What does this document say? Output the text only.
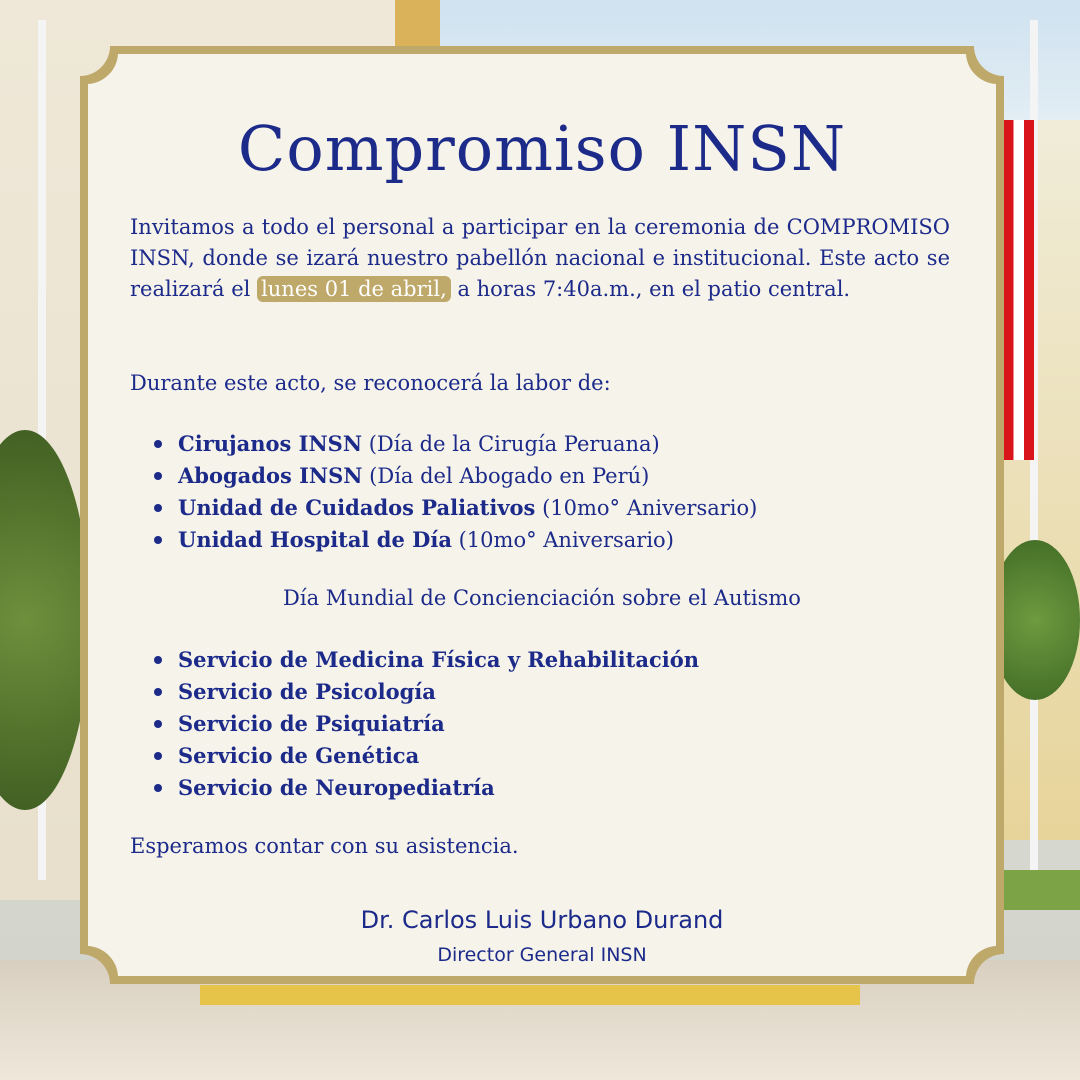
Compromiso INSN
Invitamos a todo el personal a participar en la ceremonia de COMPROMISO INSN, donde se izará nuestro pabellón nacional e institucional. Este acto se realizará el lunes 01 de abril, a horas 7:40a.m., en el patio central.
Durante este acto, se reconocerá la labor de:
Cirujanos INSN (Día de la Cirugía Peruana)
Abogados INSN (Día del Abogado en Perú)
Unidad de Cuidados Paliativos (10mo° Aniversario)
Unidad Hospital de Día (10mo° Aniversario)
Día Mundial de Concienciación sobre el Autismo
Servicio de Medicina Física y Rehabilitación
Servicio de Psicología
Servicio de Psiquiatría
Servicio de Genética
Servicio de Neuropediatría
Esperamos contar con su asistencia.
Dr. Carlos Luis Urbano Durand
Director General INSN
